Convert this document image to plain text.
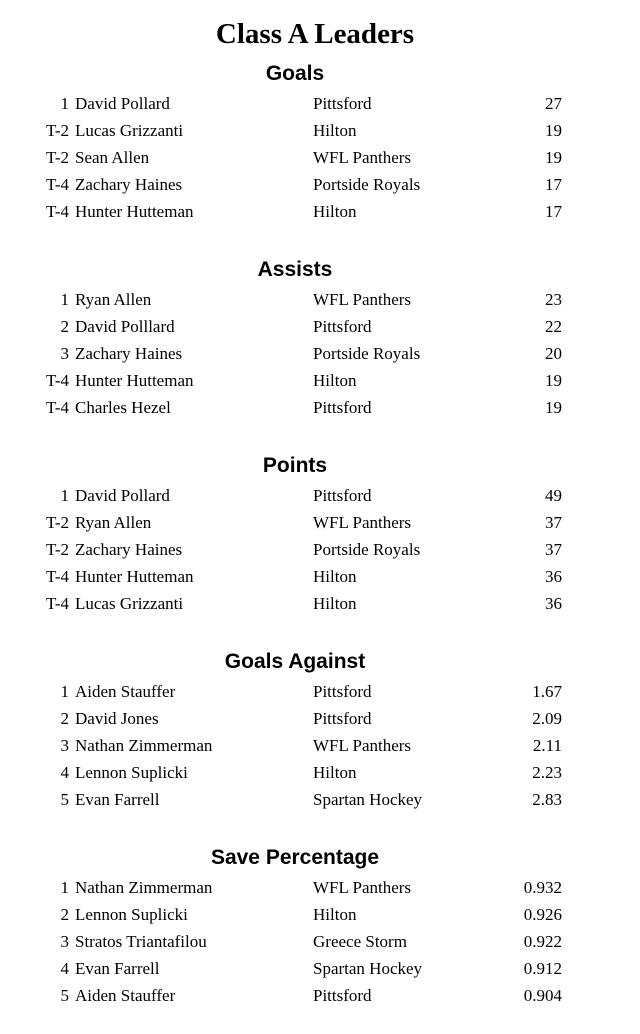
Class A Leaders
Goals
1 David Pollard	Pittsford	27
T-2 Lucas Grizzanti	Hilton	19
T-2 Sean Allen	WFL Panthers	19
T-4 Zachary Haines	Portside Royals	17
T-4 Hunter Hutteman	Hilton	17
Assists
1 Ryan Allen	WFL Panthers	23
2 David Polllard	Pittsford	22
3 Zachary Haines	Portside Royals	20
T-4 Hunter Hutteman	Hilton	19
T-4 Charles Hezel	Pittsford	19
Points
1 David Pollard	Pittsford	49
T-2 Ryan Allen	WFL Panthers	37
T-2 Zachary Haines	Portside Royals	37
T-4 Hunter Hutteman	Hilton	36
T-4 Lucas Grizzanti	Hilton	36
Goals Against
1 Aiden Stauffer	Pittsford	1.67
2 David Jones	Pittsford	2.09
3 Nathan Zimmerman	WFL Panthers	2.11
4 Lennon Suplicki	Hilton	2.23
5 Evan Farrell	Spartan Hockey	2.83
Save Percentage
1 Nathan Zimmerman	WFL Panthers	0.932
2 Lennon Suplicki	Hilton	0.926
3 Stratos Triantafilou	Greece Storm	0.922
4 Evan Farrell	Spartan Hockey	0.912
5 Aiden Stauffer	Pittsford	0.904
